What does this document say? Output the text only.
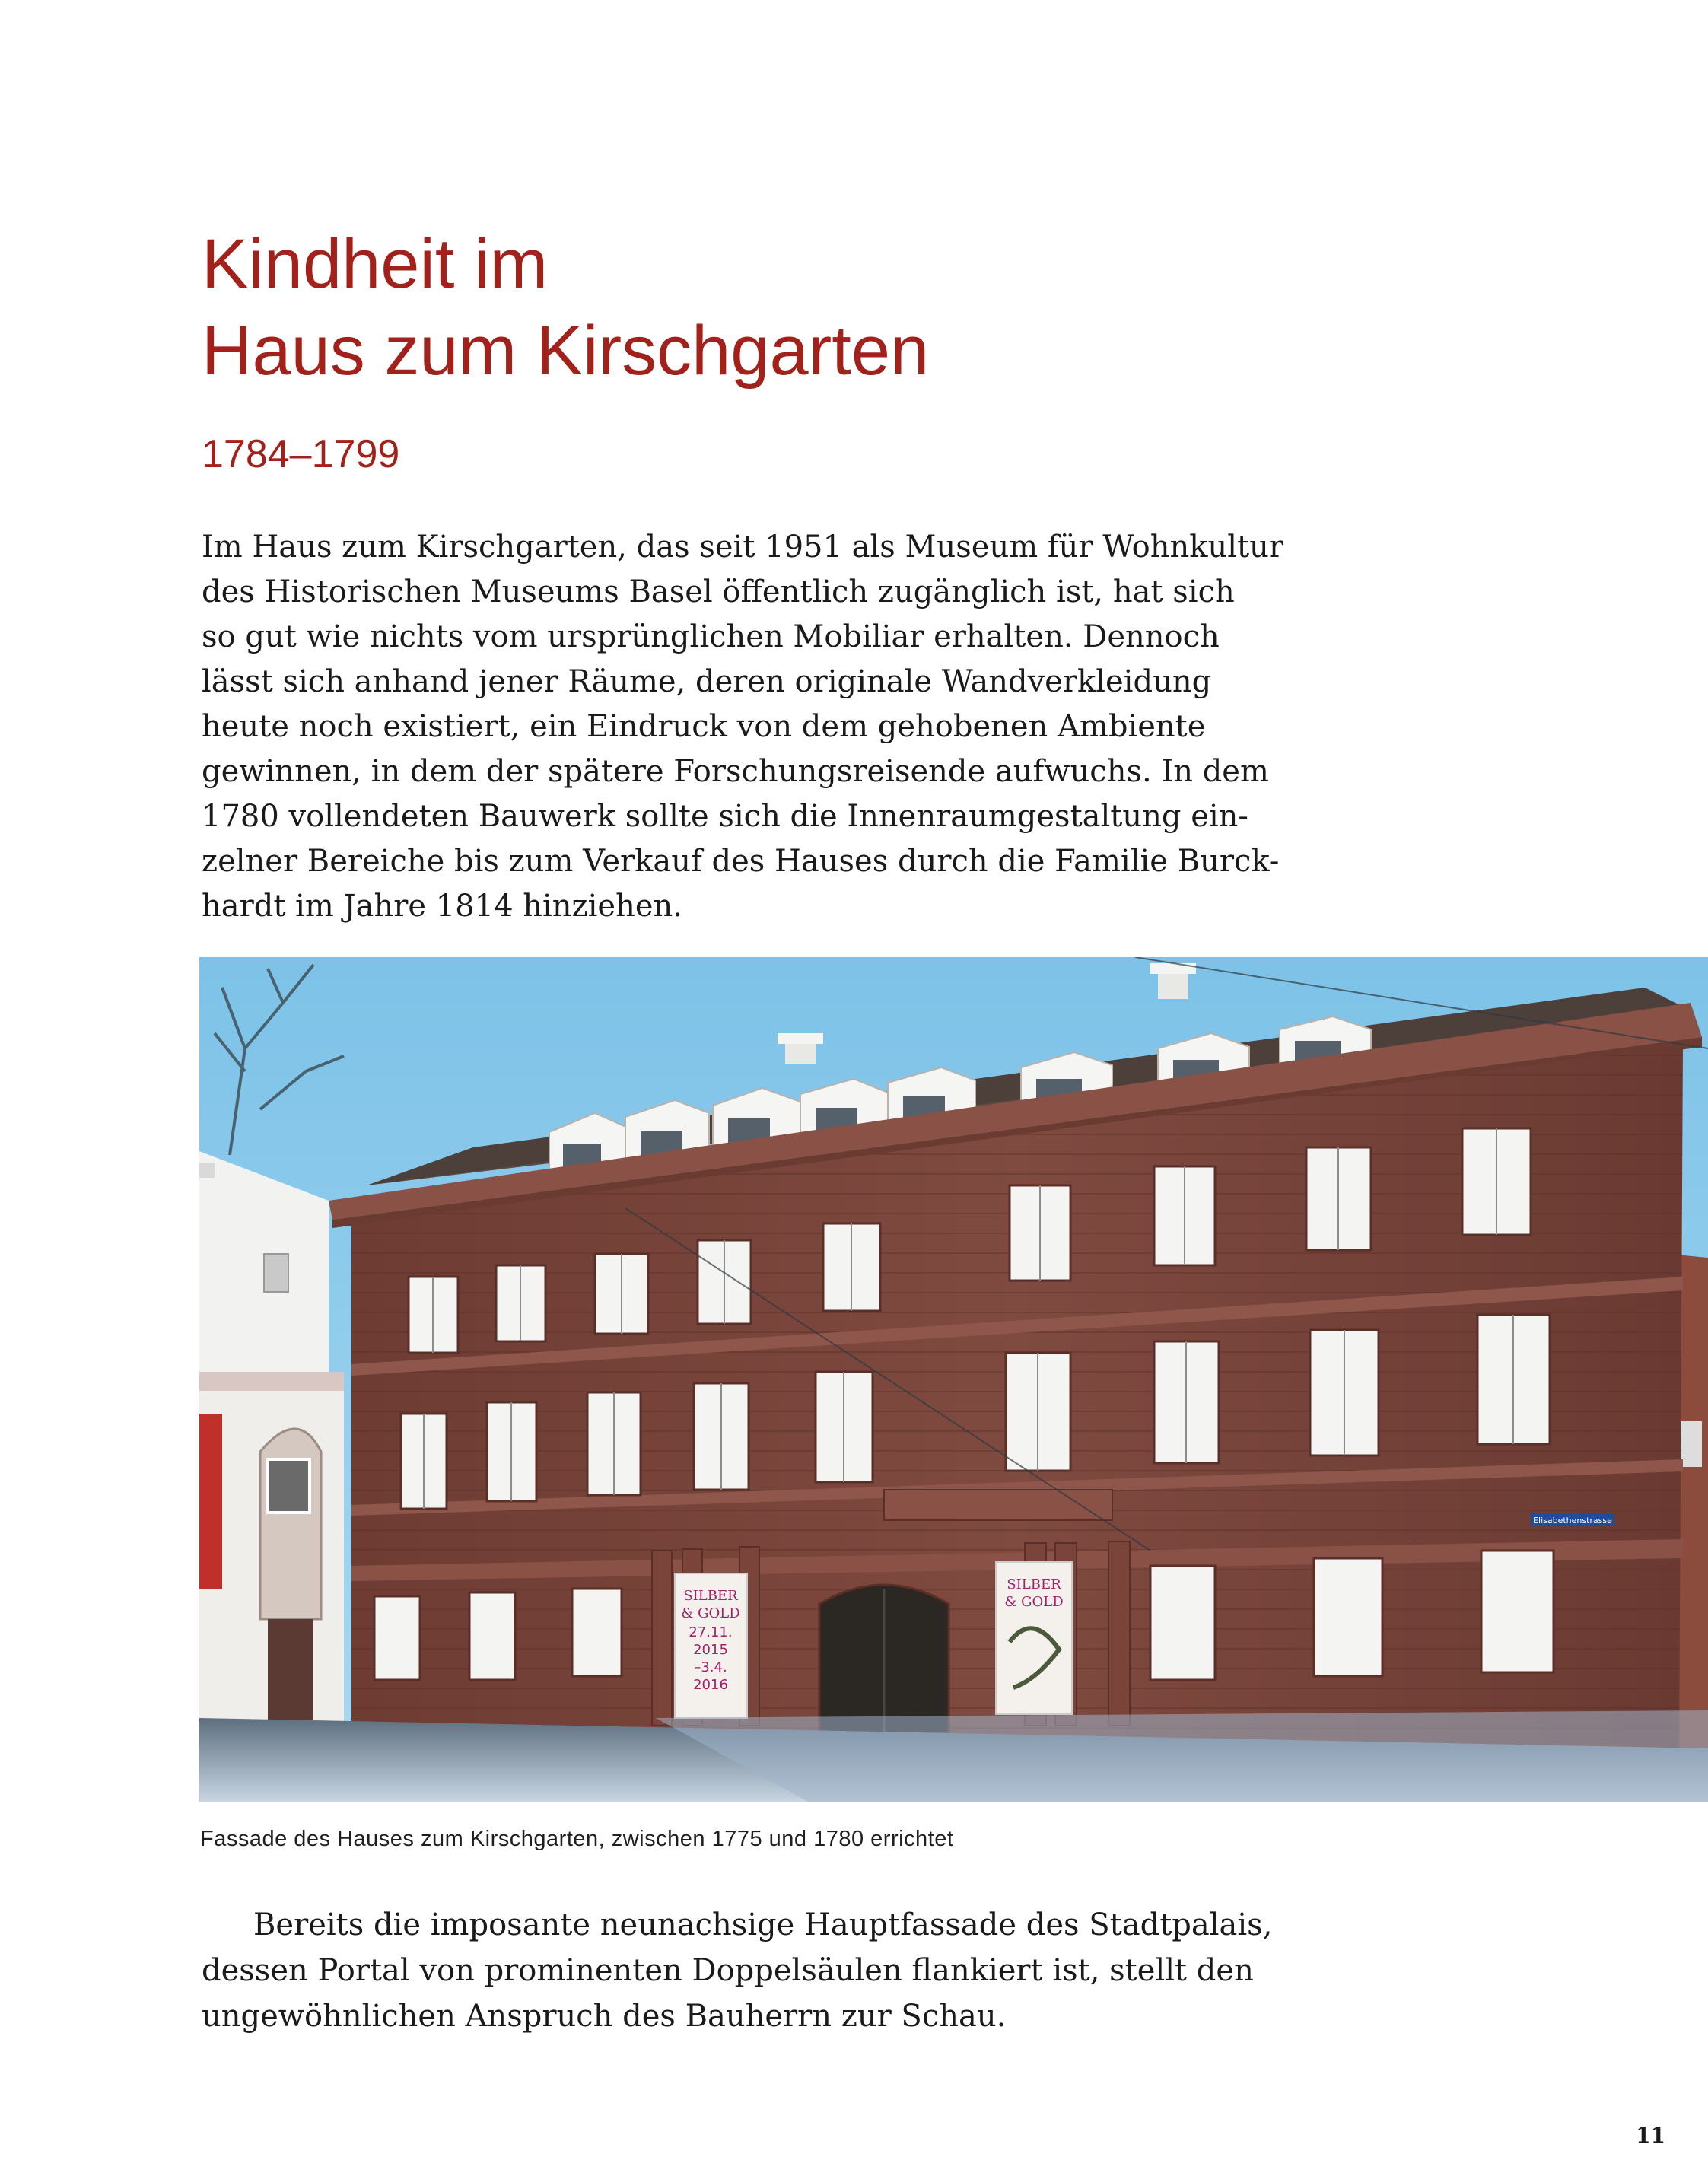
Kindheit im
Haus zum Kirschgarten
1784–1799
Im Haus zum Kirschgarten, das seit 1951 als Museum für Wohnkultur
des Historischen Museums Basel öffentlich zugänglich ist, hat sich
so gut wie nichts vom ursprünglichen Mobiliar erhalten. Dennoch
lässt sich anhand jener Räume, deren originale Wandverkleidung
heute noch existiert, ein Eindruck von dem gehobenen Ambiente
gewinnen, in dem der spätere Forschungsreisende aufwuchs. In dem
1780 vollendeten Bauwerk sollte sich die Innenraumgestaltung ein-
zelner Bereiche bis zum Verkauf des Hauses durch die Familie Burck-
hardt im Jahre 1814 hinziehen.
SILBER
& GOLD
27.11.
2015
–3.4.
2016
SILBER
& GOLD
Elisabethenstrasse

Fassade des Hauses zum Kirschgarten, zwischen 1775 und 1780 errichtet

Bereits die imposante neunachsige Hauptfassade des Stadtpalais,
dessen Portal von prominenten Doppelsäulen flankiert ist, stellt den
ungewöhnlichen Anspruch des Bauherrn zur Schau.

11
